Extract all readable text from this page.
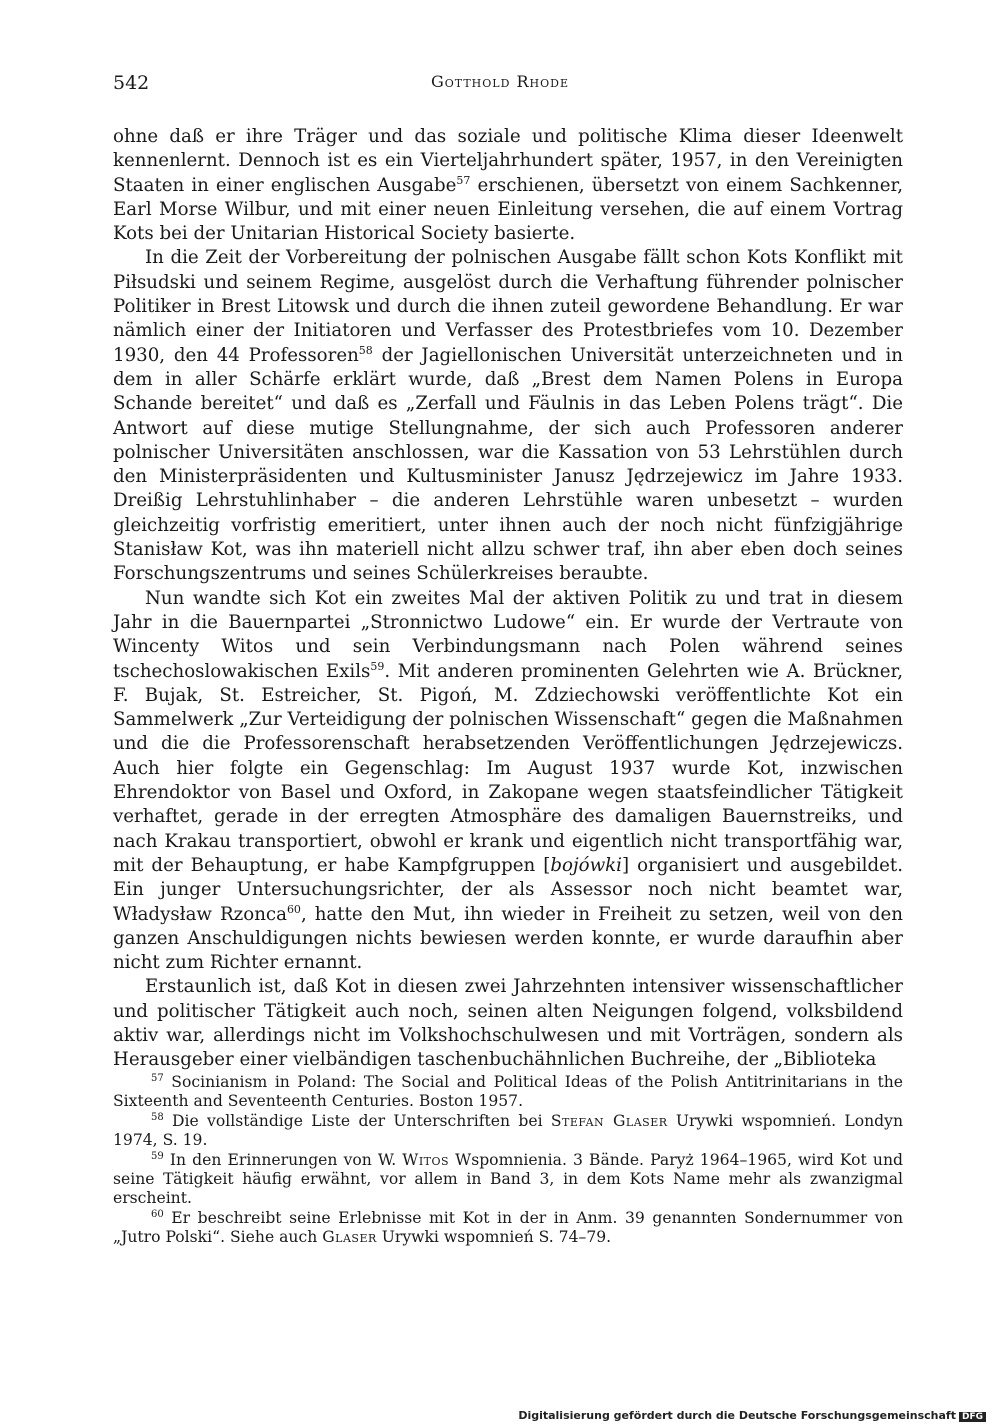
542	Gotthold Rhode

ohne daß er ihre Träger und das soziale und politische Klima dieser Ideenwelt kennenlernt. Dennoch ist es ein Vierteljahrhundert später, 1957, in den Vereinigten Staaten in einer englischen Ausgabe$^{57}$ erschienen, übersetzt von einem Sachkenner, Earl Morse Wilbur, und mit einer neuen Einleitung versehen, die auf einem Vortrag Kots bei der Unitarian Historical Society basierte.

In die Zeit der Vorbereitung der polnischen Ausgabe fällt schon Kots Konflikt mit Piłsudski und seinem Regime, ausgelöst durch die Verhaftung führender polnischer Politiker in Brest Litowsk und durch die ihnen zuteil gewordene Behandlung. Er war nämlich einer der Initiatoren und Verfasser des Protestbriefes vom 10. Dezember 1930, den 44 Professoren$^{58}$ der Jagiellonischen Universität unterzeichneten und in dem in aller Schärfe erklärt wurde, daß „Brest dem Namen Polens in Europa Schande bereitet“ und daß es „Zerfall und Fäulnis in das Leben Polens trägt“. Die Antwort auf diese mutige Stellungnahme, der sich auch Professoren anderer polnischer Universitäten anschlossen, war die Kassation von 53 Lehrstühlen durch den Ministerpräsidenten und Kultusminister Janusz Jędrzejewicz im Jahre 1933. Dreißig Lehrstuhlinhaber – die anderen Lehrstühle waren unbesetzt – wurden gleichzeitig vorfristig emeritiert, unter ihnen auch der noch nicht fünfzigjährige Stanisław Kot, was ihn materiell nicht allzu schwer traf, ihn aber eben doch seines Forschungszentrums und seines Schülerkreises beraubte.

Nun wandte sich Kot ein zweites Mal der aktiven Politik zu und trat in diesem Jahr in die Bauernpartei „Stronnictwo Ludowe“ ein. Er wurde der Vertraute von Wincenty Witos und sein Verbindungsmann nach Polen während seines tschechoslowakischen Exils$^{59}$. Mit anderen prominenten Gelehrten wie A. Brückner, F. Bujak, St. Estreicher, St. Pigoń, M. Zdziechowski veröffentlichte Kot ein Sammelwerk „Zur Verteidigung der polnischen Wissenschaft“ gegen die Maßnahmen und die die Professorenschaft herabsetzenden Veröffentlichungen Jędrzejewiczs. Auch hier folgte ein Gegenschlag: Im August 1937 wurde Kot, inzwischen Ehrendoktor von Basel und Oxford, in Zakopane wegen staatsfeindlicher Tätigkeit verhaftet, gerade in der erregten Atmosphäre des damaligen Bauernstreiks, und nach Krakau transportiert, obwohl er krank und eigentlich nicht transportfähig war, mit der Behauptung, er habe Kampfgruppen [bojówki] organisiert und ausgebildet. Ein junger Untersuchungsrichter, der als Assessor noch nicht beamtet war, Władysław Rzonca$^{60}$, hatte den Mut, ihn wieder in Freiheit zu setzen, weil von den ganzen Anschuldigungen nichts bewiesen werden konnte, er wurde daraufhin aber nicht zum Richter ernannt.

Erstaunlich ist, daß Kot in diesen zwei Jahrzehnten intensiver wissenschaftlicher und politischer Tätigkeit auch noch, seinen alten Neigungen folgend, volksbildend aktiv war, allerdings nicht im Volkshochschulwesen und mit Vorträgen, sondern als Herausgeber einer vielbändigen taschenbuchähnlichen Buchreihe, der „Biblioteka

$^{57}$ Socinianism in Poland: The Social and Political Ideas of the Polish Antitrinitarians in the Sixteenth and Seventeenth Centuries. Boston 1957.

$^{58}$ Die vollständige Liste der Unterschriften bei Stefan Glaser Urywki wspomnień. Londyn 1974, S. 19.

$^{59}$ In den Erinnerungen von W. Witos Wspomnienia. 3 Bände. Paryż 1964–1965, wird Kot und seine Tätigkeit häufig erwähnt, vor allem in Band 3, in dem Kots Name mehr als zwanzigmal erscheint.

$^{60}$ Er beschreibt seine Erlebnisse mit Kot in der in Anm. 39 genannten Sondernummer von „Jutro Polski“. Siehe auch Glaser Urywki wspomnień S. 74–79.

Digitalisierung gefördert durch die Deutsche Forschungsgemeinschaft DFG
